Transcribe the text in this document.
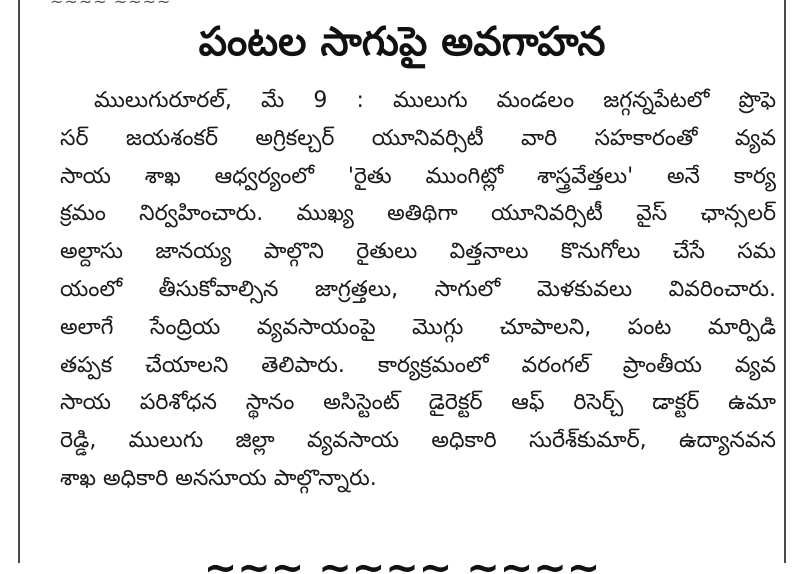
~~~~ ~~~~
పంటల సాగుపై అవగాహన
ములుగురూరల్, మే 9 : ములుగు మండలం జగ్గన్నపేటలో ప్రొఫె
సర్ జయశంకర్ అగ్రికల్చర్ యూనివర్సిటీ వారి సహకారంతో వ్యవ
సాయ శాఖ ఆధ్వర్యంలో 'రైతు ముంగిట్లో శాస్త్రవేత్తలు' అనే కార్య
క్రమం నిర్వహించారు. ముఖ్య అతిథిగా యూనివర్సిటీ వైస్ ఛాన్సలర్
అల్దాసు జానయ్య పాల్గొని రైతులు విత్తనాలు కొనుగోలు చేసే సమ
యంలో తీసుకోవాల్సిన జాగ్రత్తలు, సాగులో మెళకువలు వివరించారు.
అలాగే సేంద్రియ వ్యవసాయంపై మొగ్గు చూపాలని, పంట మార్పిడి
తప్పక చేయాలని తెలిపారు. కార్యక్రమంలో వరంగల్ ప్రాంతీయ వ్యవ
సాయ పరిశోధన స్థానం అసిస్టెంట్ డైరెక్టర్ ఆఫ్ రిసెర్చ్ డాక్టర్ ఉమా
రెడ్డి, ములుగు జిల్లా వ్యవసాయ అధికారి సురేశ్‌కుమార్, ఉద్యానవన
శాఖ అధికారి అనసూయ పాల్గొన్నారు.
~~~ ~~~~ ~~~~
